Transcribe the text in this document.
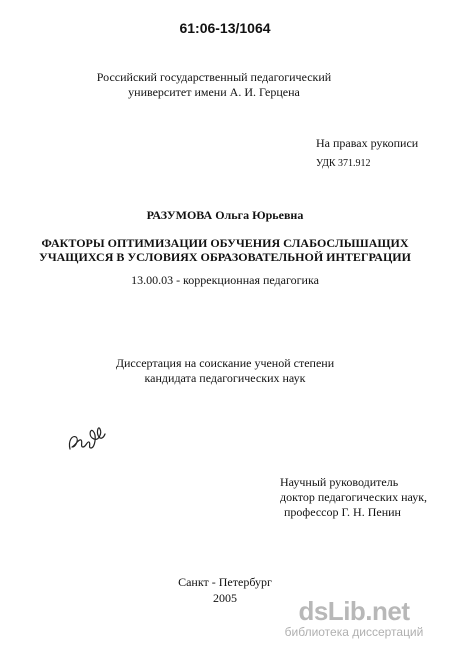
61:06-13/1064
Российский государственный педагогический
университет имени А. И. Герцена
На правах рукописи
УДК 371.912
РАЗУМОВА Ольга Юрьевна
ФАКТОРЫ ОПТИМИЗАЦИИ ОБУЧЕНИЯ СЛАБОСЛЫШАЩИХ
УЧАЩИХСЯ В УСЛОВИЯХ ОБРАЗОВАТЕЛЬНОЙ ИНТЕГРАЦИИ
13.00.03 - коррекционная педагогика
Диссертация на соискание ученой степени
кандидата педагогических наук
Научный руководитель
доктор педагогических наук,
профессор Г. Н. Пенин
Санкт - Петербург
2005	dsLib.net
библиотека диссертаций
